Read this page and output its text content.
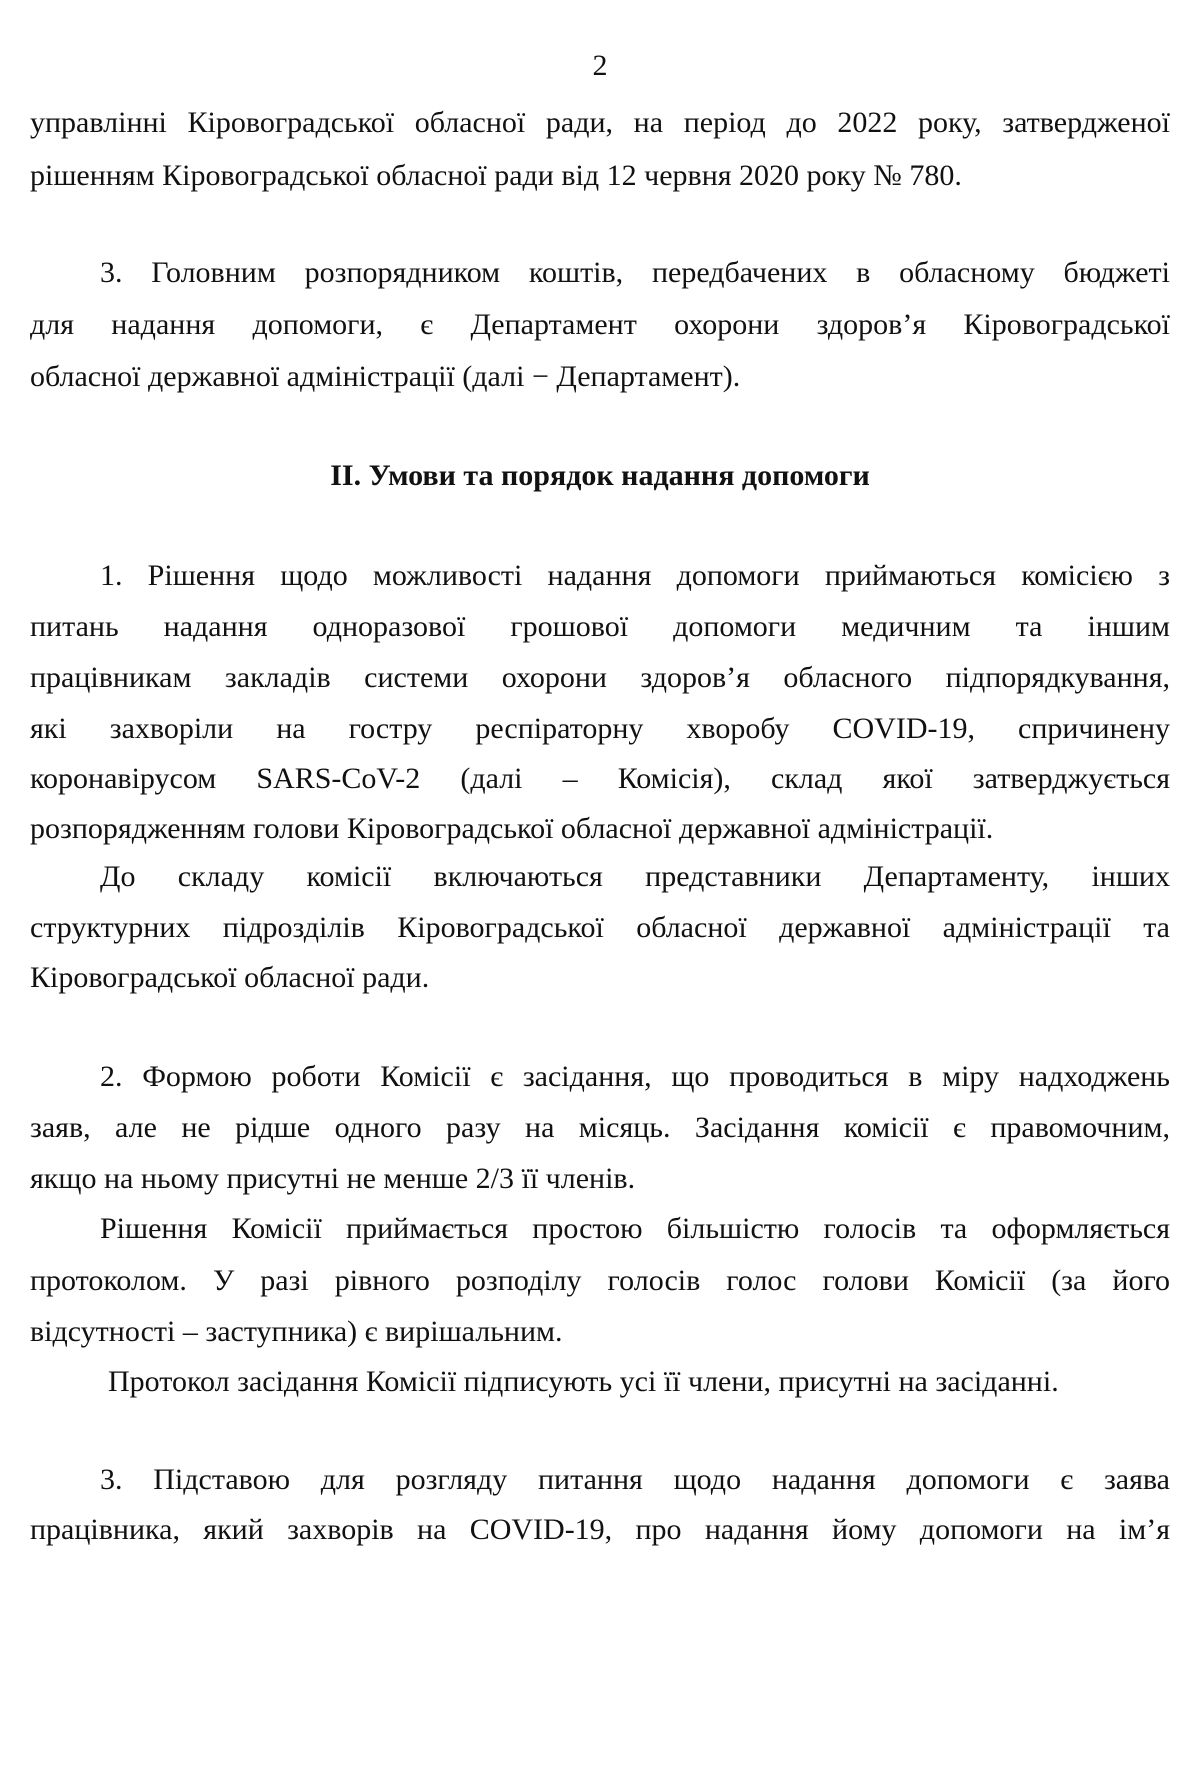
2
управлінні Кіровоградської обласної ради, на період до 2022 року, затвердженої
рішенням Кіровоградської обласної ради від 12 червня 2020 року № 780.
3. Головним розпорядником коштів, передбачених в обласному бюджеті
для надання допомоги, є Департамент охорони здоров’я Кіровоградської
обласної державної адміністрації (далі − Департамент).
II. Умови та порядок надання допомоги
1. Рішення щодо можливості надання допомоги приймаються комісією з
питань надання одноразової грошової допомоги медичним та іншим
працівникам закладів системи охорони здоров’я обласного підпорядкування,
які захворіли на гостру респіраторну хворобу COVID-19, спричинену
коронавірусом SARS-CoV-2 (далі – Комісія), склад якої затверджується
розпорядженням голови Кіровоградської обласної державної адміністрації.
До складу комісії включаються представники Департаменту, інших
структурних підрозділів Кіровоградської обласної державної адміністрації та
Кіровоградської обласної ради.
2. Формою роботи Комісії є засідання, що проводиться в міру надходжень
заяв, але не рідше одного разу на місяць. Засідання комісії є правомочним,
якщо на ньому присутні не менше 2/3 її членів.
Рішення Комісії приймається простою більшістю голосів та оформляється
протоколом. У разі рівного розподілу голосів голос голови Комісії (за його
відсутності – заступника) є вирішальним.
Протокол засідання Комісії підписують усі її члени, присутні на засіданні.
3. Підставою для розгляду питання щодо надання допомоги є заява
працівника, який захворів на COVID-19, про надання йому допомоги на ім’я
